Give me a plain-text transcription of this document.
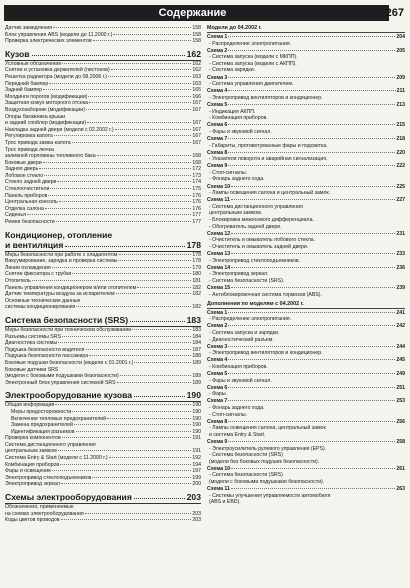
Содержание	267
Датчик замедления	158
Блок управления ABS (модели до 11.2000 г.)	158
Проверка электрических элементов	158
Кузов	162
Условные обозначения	162
Снятие и установка держателей (пистонов)	162
Решетка радиатора (модели до 08.2006 г.)	163
Передний бампер	163
Задний бампер	165
Молдинги порогов (модификации)	166
Защитная кожух моторного отсека	167
Воздухозаборник (модификации)	167
Опоры багажника крыши
и задний спойлер (модификации)	167
Накладка задней двери (модели с 02.2002 г.)	167
Регулировка капота	167
Трос привода замка капота	167
Трос привода лючка
заливной горловины топливного бака	168
Боковые двери	168
Задняя дверь	172
Лобовое стекло	173
Стекло задней двери	174
Стеклоочистители	175
Панель приборов	176
Центральная консоль	176
Отделка салона	176
Сиденья	177
Ремни безопасности	177
Кондиционер, отопление
и вентиляция	178
Меры безопасности при работе с хладагентом	178
Вакуумирование, зарядка и проверка системы	178
Линии охлаждения	179
Снятие фиксатора с трубки	180
Отопитель	181
Панель управления кондиционером и/или отопителем	182
Датчик температуры воздуха за испарителем	182
Основные технические данные
системы кондиционирования	182
Система безопасности (SRS)	183
Меры безопасности при техническом обслуживании	183
Разъемы системы SRS	184
Диагностика системы	184
Подушка безопасности водителя	187
Подушка безопасности пассажира	188
Боковые подушки безопасности (модели с 01.2001 г.)	189
Боковые датчики SRS
(модели с боковыми подушками безопасности)	189
Электронный блок управления системой SRS	189
Электрооборудование кузова	190
Общая информация	190
Меры предосторожности	190
Включение тепловых предохранителей	190
Замена предохранителей	190
Идентификация разъемов	190
Проверка компонентов	191
Система дистанционного управления
центральным замком	191
Система Entry & Start (модели с 11.2000 г.)	192
Комбинация приборов	194
Фары и освещение	197
Электропривод стеклоподъемников	199
Электропривод зеркал	200
Схемы электрооборудования	203
Обозначения, применяемые
на схемах электрооборудования	203
Коды цветов проводов	203
Модели до 04.2002 г.
Схема 1	204
- Распределение электропитания.
Схема 2	205
- Система запуска (модели с МКПП).
- Система запуска (модели с АКПП).
- Система зарядки.
Схема 3	209
- Система управления двигателем.
Схема 4	211
- Электропривод вентиляторов и кондиционер.
Схема 5	213
- Индикация АКПП.
- Комбинация приборов.
Схема 6	215
- Фары и звуковой сигнал.
Схема 7	218
- Габариты, противотуманные фары и подсветка.
Схема 8	220
- Указатели поворота и аварийная сигнализация.
Схема 9	222
- Стоп-сигналы.
- Фонарь заднего хода.
Схема 10	225
- Лампы освещения салона и центральный замок.
Схема 11	227
- Система дистанционного управления
центральным замком.
- Блокировка межосевого дифференциала.
- Обогреватель задней двери.
Схема 12	231
- Очиститель и омыватель лобового стекла.
- Очиститель и омыватель задней двери.
Схема 13	233
- Электропривод стеклоподъемников.
Схема 14	236
- Электропривод зеркал.
- Система безопасности (SRS).
Схема 15	239
- Антиблокировочная система тормозов (ABS).
Дополнения по моделям с 04.2002 г.
Схема 1	241
- Распределение электропитания.
Схема 2	242
- Система запуска и зарядки.
- Диагностический разъем.
Схема 3	244
- Электропривод вентиляторов и кондиционер.
Схема 4	245
- Комбинация приборов.
Схема 5	249
- Фары и звуковой сигнал.
Схема 6	251
- Фары.
Схема 7	253
- Фонарь заднего хода.
- Стоп-сигналы.
Схема 8	256
- Лампы освещения салона, центральный замок
и система Entry & Start.
Схема 9	258
- Электроусилитель рулевого управления (EPS).
- Система безопасности (SRS)
(модели без боковых подушек безопасности).
Схема 10	261
- Система безопасности (SRS)
(модели с боковыми подушками безопасности).
Схема 11	263
- Системы улучшения управляемости автомобиля
(ABS и EBD).
